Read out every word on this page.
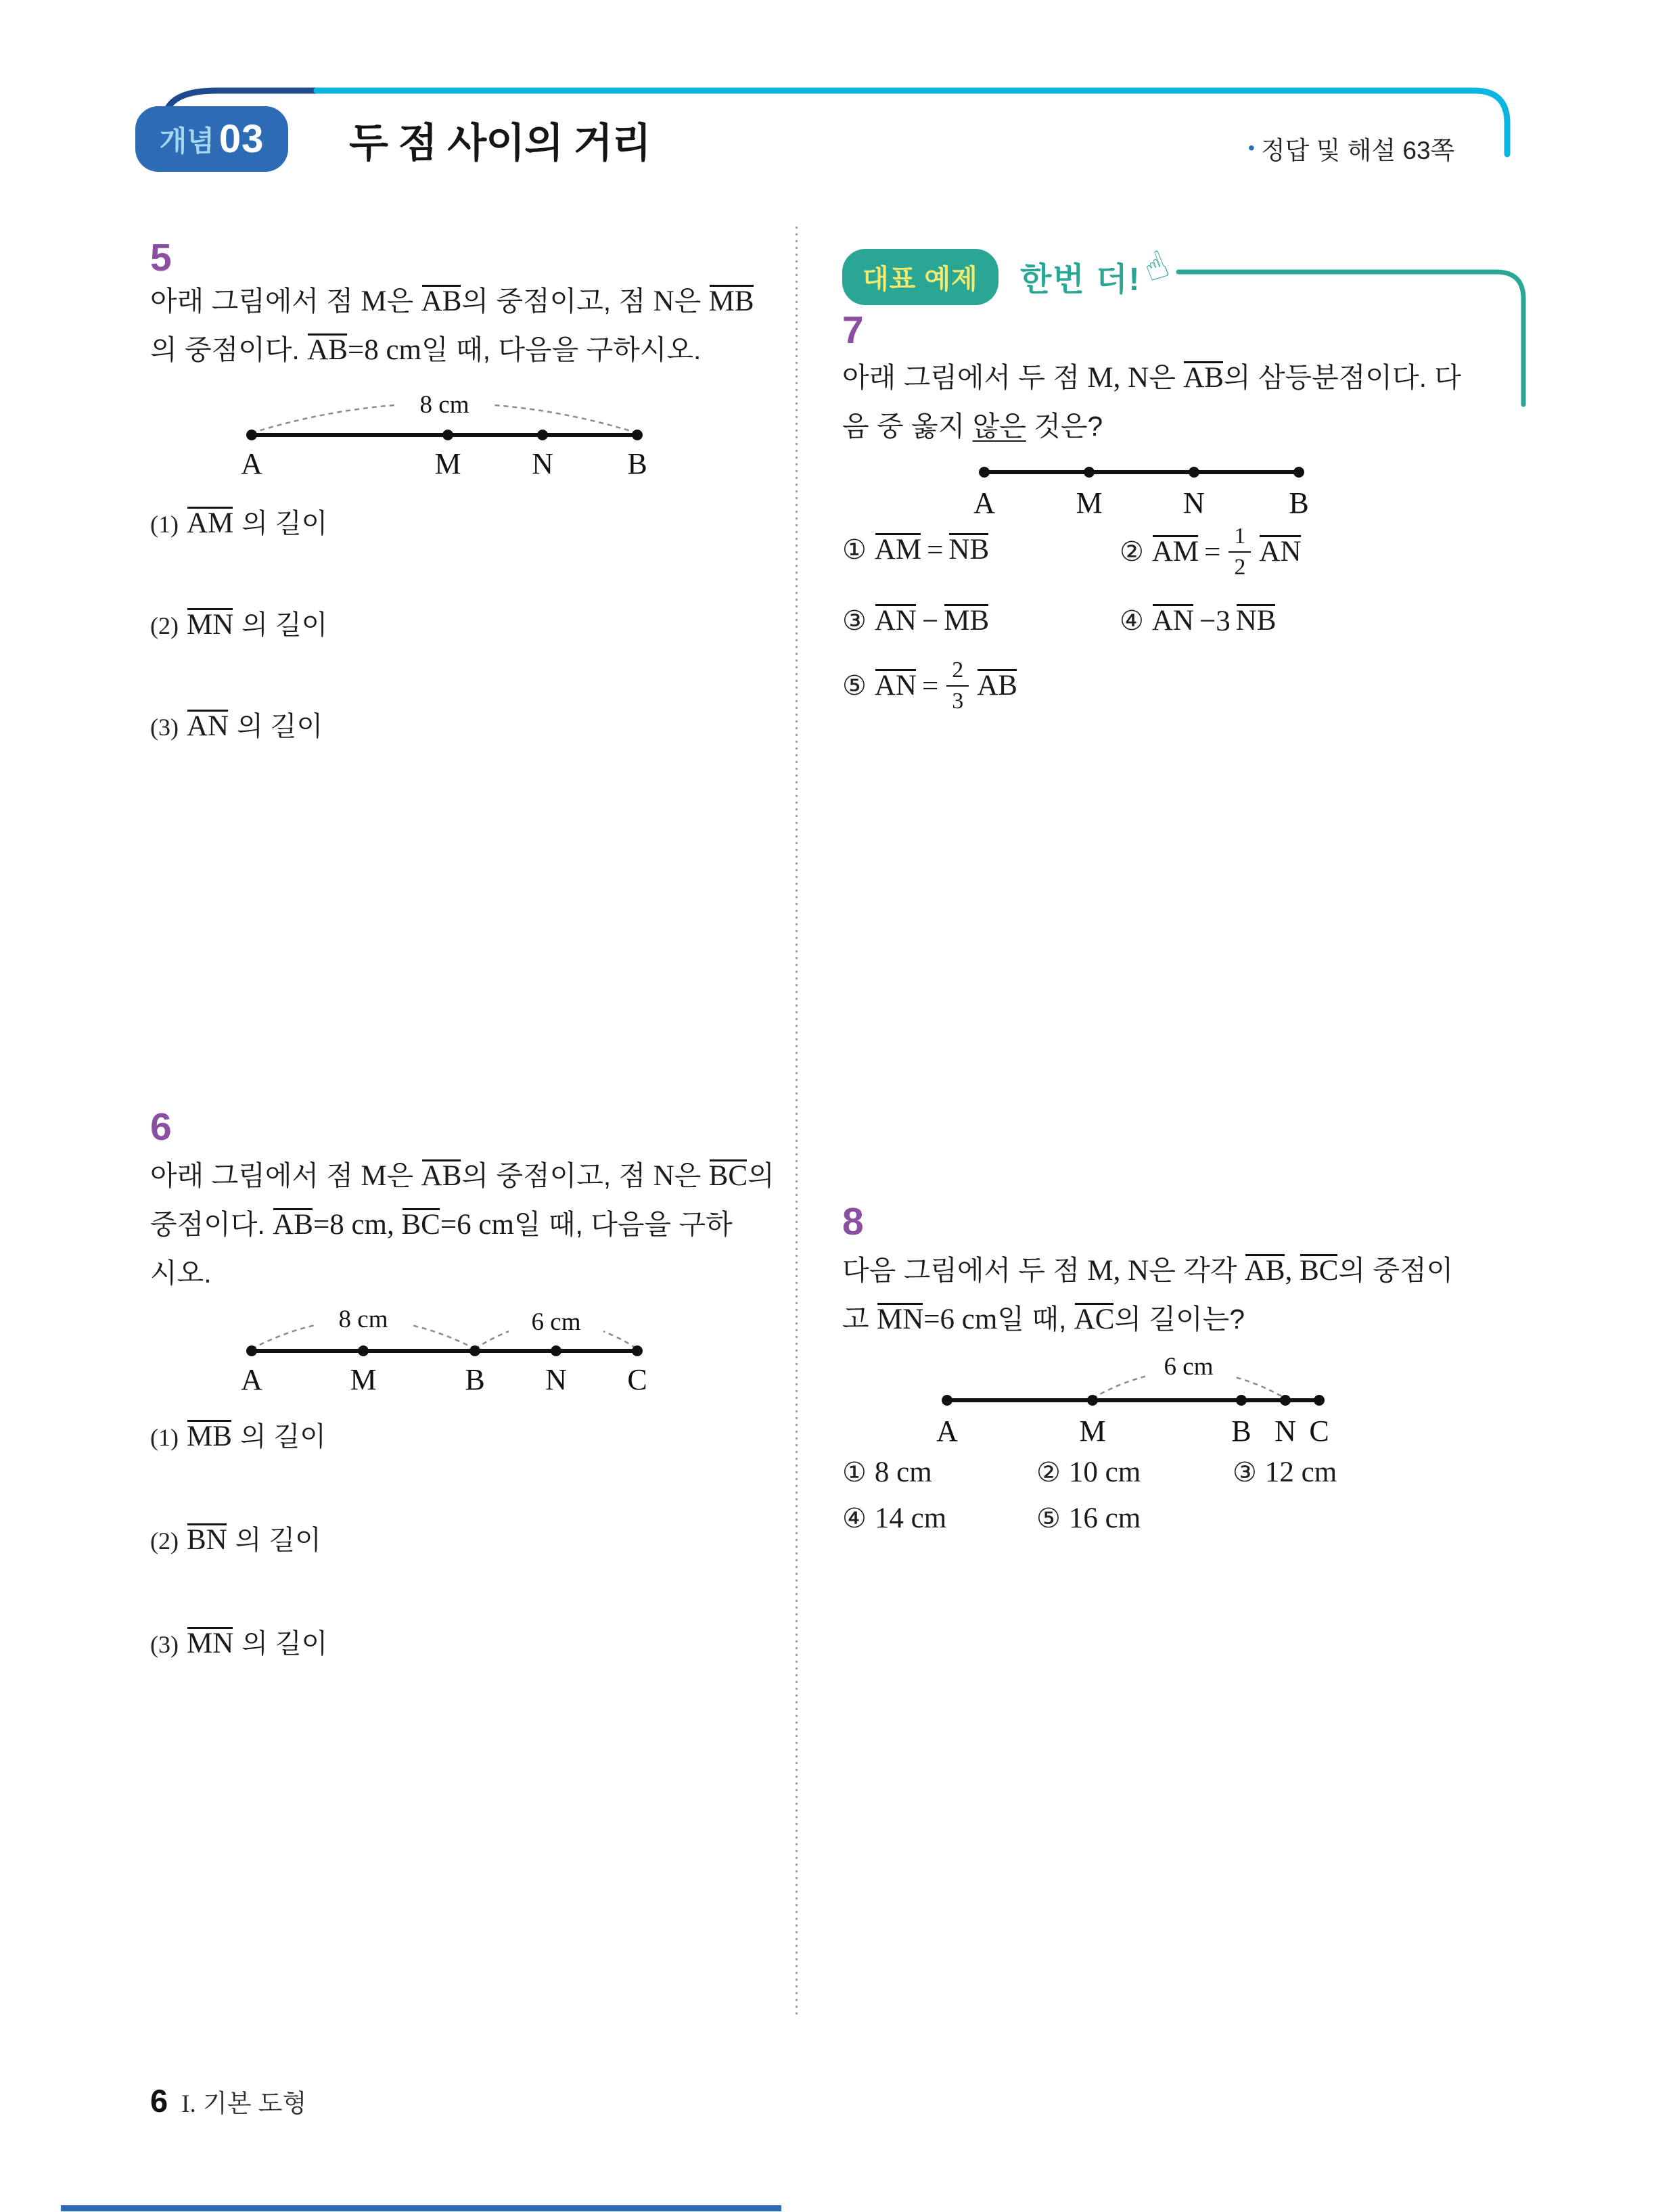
개념 03 두 점 사이의 거리	• 정답 및 해설 63쪽
5
아래 그림에서 점 M은 AB의 중점이고, 점 N은 MB
의 중점이다. AB=8 cm일 때, 다음을 구하시오.
8 cm
A	M N B
(1) AM 의 길이
(2) MN 의 길이
(3) AN 의 길이
6
아래 그림에서 점 M은 AB의 중점이고, 점 N은 BC의
중점이다. AB=8 cm, BC=6 cm일 때, 다음을 구하
시오.
8 cm	6 cm
A	M	B N C
(1) MB 의 길이
(2) BN 의 길이
(3) MN 의 길이
대표 예제	한번 더!
☝
7
아래 그림에서 두 점 M, N은 AB의 삼등분점이다. 다
음 중 옳지 않은 것은?
A	M	N	B
① AM = NB	② AM = $\frac{1}{2}$ AN
③ AN − MB	④ AN −3 NB
⑤ AN = $\frac{2}{3}$ AB
8
다음 그림에서 두 점 M, N은 각각 AB, BC의 중점이
고 MN=6 cm일 때, AC의 길이는?
6 cm
A	M	B N C
① 8 cm	② 10 cm	③ 12 cm
④ 14 cm	⑤ 16 cm
6 I. 기본 도형
